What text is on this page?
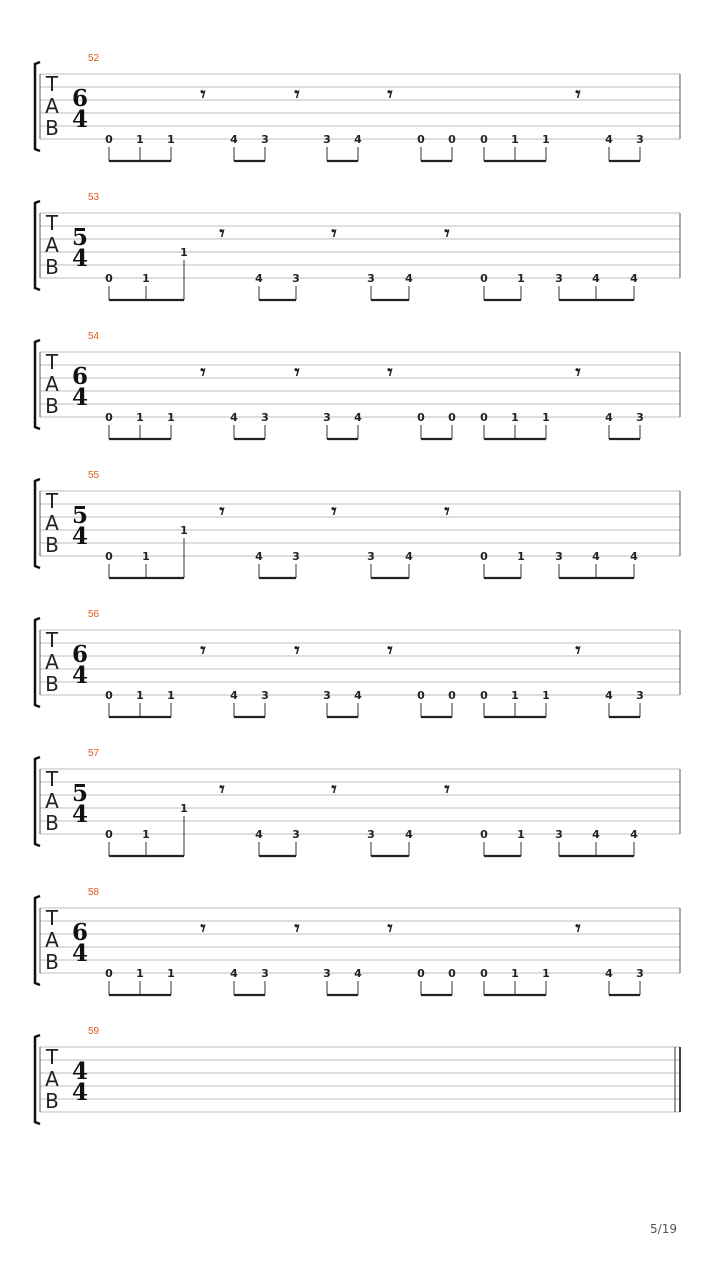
52
T
A
B
6
4
0 1 1	4 3	3 4	0 0 0 1 1	4 3
𝄾	𝄾	𝄾	𝄾
53
T
A
B
5
4
0	1
1
4	3	3	4	0	1	3	4	4
𝄾	𝄾	𝄾
54
T
A
B
6
4
0 1 1	4 3	3 4	0 0 0 1 1	4 3
𝄾	𝄾	𝄾	𝄾
55
T
A
B
5
4
0	1
1
4	3	3	4	0	1	3	4	4
𝄾	𝄾	𝄾
56
T
A
B
6
4
0 1 1	4 3	3 4	0 0 0 1 1	4 3
𝄾	𝄾	𝄾	𝄾
57
T
A
B
5
4
0	1
1
4	3	3	4	0	1	3	4	4
𝄾	𝄾	𝄾
58
T
A
B
6
4
0 1 1	4 3	3 4	0 0 0 1 1	4 3
𝄾	𝄾	𝄾	𝄾
59
T
A
B
4
4
5/19
